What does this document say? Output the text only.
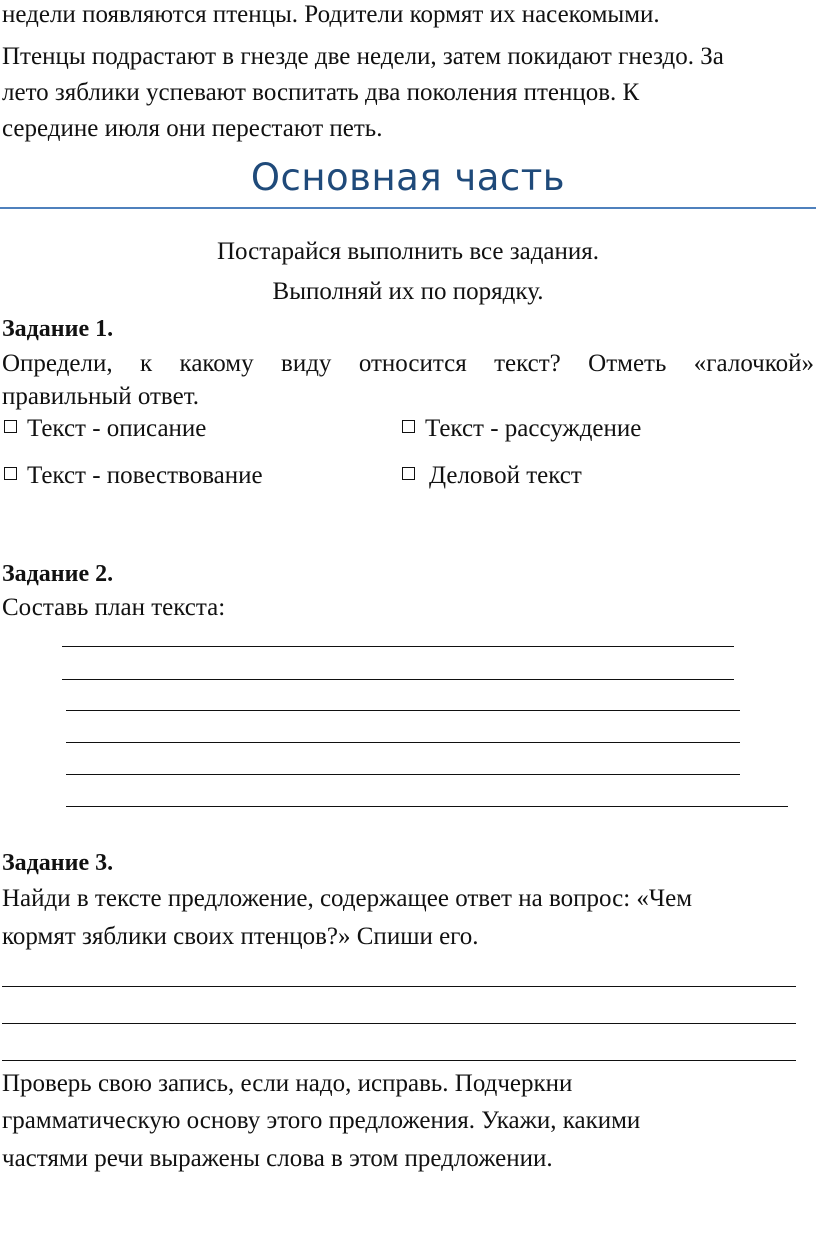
недели появляются птенцы. Родители кормят их насекомыми.
Птенцы подрастают в гнезде две недели, затем покидают гнездо. За
лето зяблики успевают воспитать два поколения птенцов. К
середине июля они перестают петь.
Основная часть
Постарайся выполнить все задания.
Выполняй их по порядку.
Задание 1.
Определи, к какому виду относится текст? Отметь «галочкой»
правильный ответ.
Текст - описание	Текст - рассуждение
Текст - повествование	Деловой текст
Задание 2.
Составь план текста:
Задание 3.
Найди в тексте предложение, содержащее ответ на вопрос: «Чем
кормят зяблики своих птенцов?» Спиши его.
Проверь свою запись, если надо, исправь. Подчеркни
грамматическую основу этого предложения. Укажи, какими
частями речи выражены слова в этом предложении.
